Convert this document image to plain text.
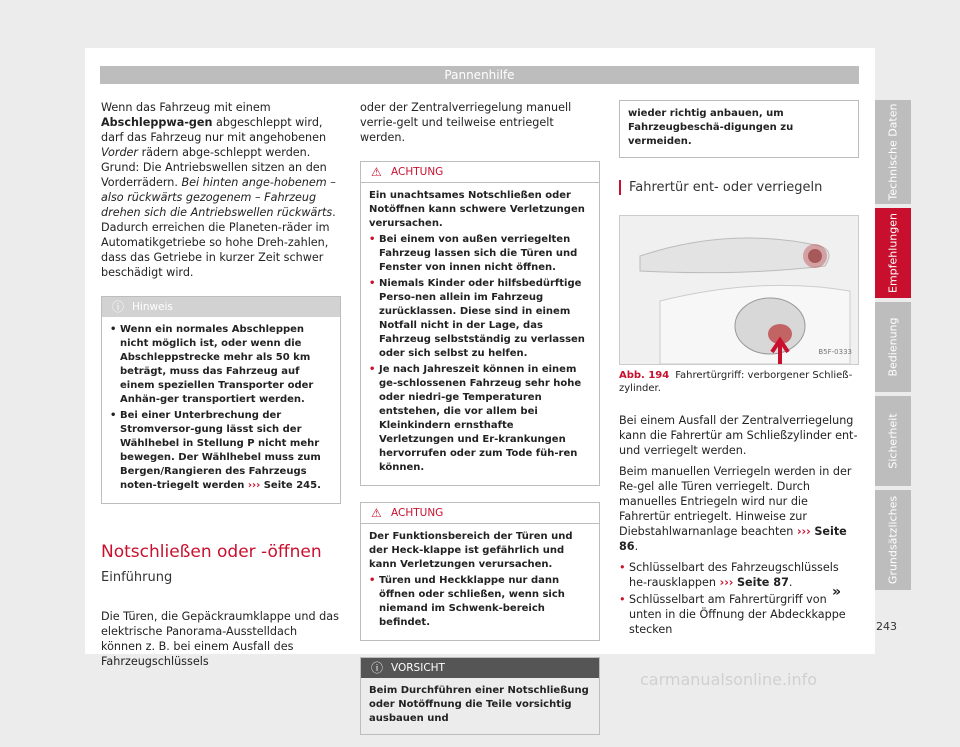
Pannenhilfe

Wenn das Fahrzeug mit einem Abschleppwa-gen abgeschleppt wird, darf das Fahrzeug nur mit angehobenen Vorder rädern abge-schleppt werden. Grund: Die Antriebswellen sitzen an den Vorderrädern. Bei hinten ange-hobenem – also rückwärts gezogenem – Fahrzeug drehen sich die Antriebswellen rückwärts. Dadurch erreichen die Planeten-räder im Automatikgetriebe so hohe Dreh-zahlen, dass das Getriebe in kurzer Zeit schwer beschädigt wird.

ⓘ Hinweis
• Wenn ein normales Abschleppen nicht möglich ist, oder wenn die Abschleppstrecke mehr als 50 km beträgt, muss das Fahrzeug auf einem speziellen Transporter oder Anhän-ger transportiert werden.
• Bei einer Unterbrechung der Stromversor-gung lässt sich der Wählhebel in Stellung P nicht mehr bewegen. Der Wählhebel muss zum Bergen/Rangieren des Fahrzeugs noten-triegelt werden ››› Seite 245.
Notschließen oder -öffnen
Einführung

Die Türen, die Gepäckraumklappe und das elektrische Panorama-Ausstelldach können z. B. bei einem Ausfall des Fahrzeugschlüssels

oder der Zentralverriegelung manuell verrie-gelt und teilweise entriegelt werden.

⚠ ACHTUNG
Ein unachtsames Notschließen oder Notöffnen kann schwere Verletzungen verursachen.
• Bei einem von außen verriegelten Fahrzeug lassen sich die Türen und Fenster von innen nicht öffnen.
• Niemals Kinder oder hilfsbedürftige Perso-nen allein im Fahrzeug zurücklassen. Diese sind in einem Notfall nicht in der Lage, das Fahrzeug selbstständig zu verlassen oder sich selbst zu helfen.
• Je nach Jahreszeit können in einem ge-schlossenen Fahrzeug sehr hohe oder niedri-ge Temperaturen entstehen, die vor allem bei Kleinkindern ernsthafte Verletzungen und Er-krankungen hervorrufen oder zum Tode füh-ren können.
⚠ ACHTUNG
Der Funktionsbereich der Türen und der Heck-klappe ist gefährlich und kann Verletzungen verursachen.
• Türen und Heckklappe nur dann öffnen oder schließen, wenn sich niemand im Schwenk-bereich befindet.
ⓘ VORSICHT
Beim Durchführen einer Notschließung oder Notöffnung die Teile vorsichtig ausbauen und
wieder richtig anbauen, um Fahrzeugbeschä-digungen zu vermeiden.
Fahrertür ent- oder verriegeln
B5F-0333
Abb. 194 Fahrertürgriff: verborgener Schließ-zylinder.

Bei einem Ausfall der Zentralverriegelung kann die Fahrertür am Schließzylinder ent- und verriegelt werden.

Beim manuellen Verriegeln werden in der Re-gel alle Türen verriegelt. Durch manuelles Entriegeln wird nur die Fahrertür entriegelt. Hinweise zur Diebstahlwarnanlage beachten ››› Seite 86.

• Schlüsselbart des Fahrzeugschlüssels he-rausklappen ››› Seite 87.
• Schlüsselbart am Fahrertürgriff von unten in die Öffnung der Abdeckkappe stecken
Technische Daten
Empfehlungen
Bedienung
Sicherheit
Grundsätzliches
»
243
carmanualsonline.info
